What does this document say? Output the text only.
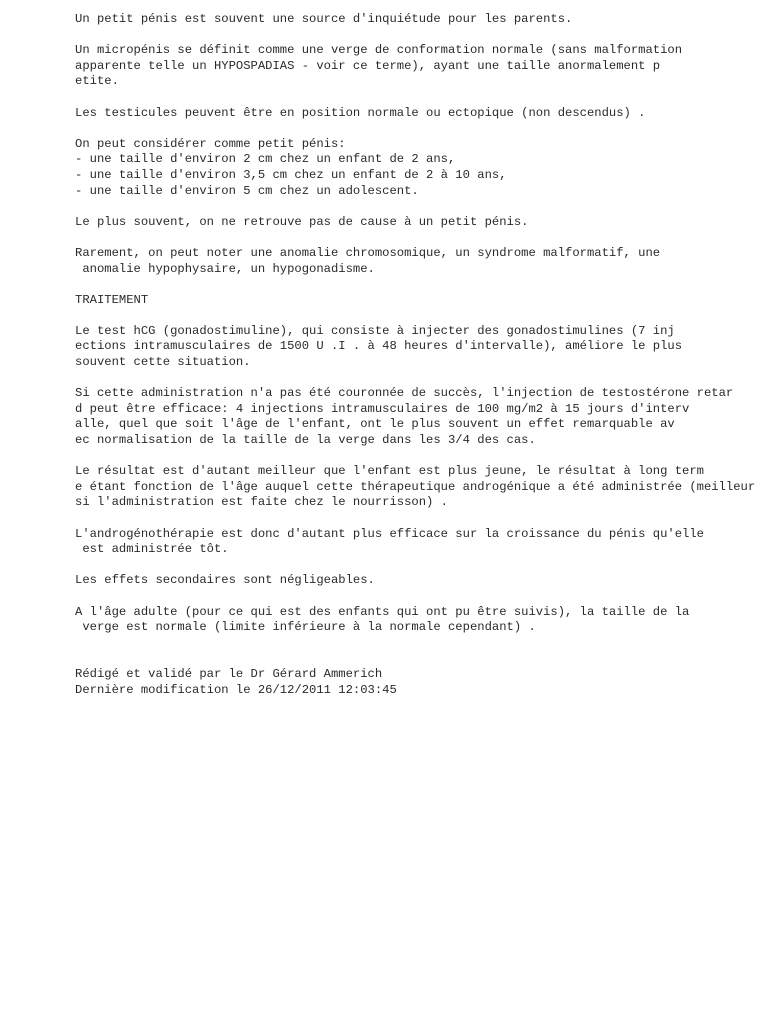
Un petit pénis est souvent une source d'inquiétude pour les parents.
Un micropénis se définit comme une verge de conformation normale (sans malformation
apparente telle un HYPOSPADIAS - voir ce terme), ayant une taille anormalement p
etite.
Les testicules peuvent être en position normale ou ectopique (non descendus) .
On peut considérer comme petit pénis:
- une taille d'environ 2 cm chez un enfant de 2 ans,
- une taille d'environ 3,5 cm chez un enfant de 2 à 10 ans,
- une taille d'environ 5 cm chez un adolescent.
Le plus souvent, on ne retrouve pas de cause à un petit pénis.
Rarement, on peut noter une anomalie chromosomique, un syndrome malformatif, une
anomalie hypophysaire, un hypogonadisme.
TRAITEMENT
Le test hCG (gonadostimuline), qui consiste à injecter des gonadostimulines (7 inj
ections intramusculaires de 1500 U .I . à 48 heures d'intervalle), améliore le plus
souvent cette situation.
Si cette administration n'a pas été couronnée de succès, l'injection de testostérone retar
d peut être efficace: 4 injections intramusculaires de 100 mg/m2 à 15 jours d'interv
alle, quel que soit l'âge de l'enfant, ont le plus souvent un effet remarquable av
ec normalisation de la taille de la verge dans les 3/4 des cas.
Le résultat est d'autant meilleur que l'enfant est plus jeune, le résultat à long term
e étant fonction de l'âge auquel cette thérapeutique androgénique a été administrée (meilleur
si l'administration est faite chez le nourrisson) .
L'androgénothérapie est donc d'autant plus efficace sur la croissance du pénis qu'elle
est administrée tôt.
Les effets secondaires sont négligeables.
A l'âge adulte (pour ce qui est des enfants qui ont pu être suivis), la taille de la
verge est normale (limite inférieure à la normale cependant) .
Rédigé et validé par le Dr Gérard Ammerich
Dernière modification le 26/12/2011 12:03:45
